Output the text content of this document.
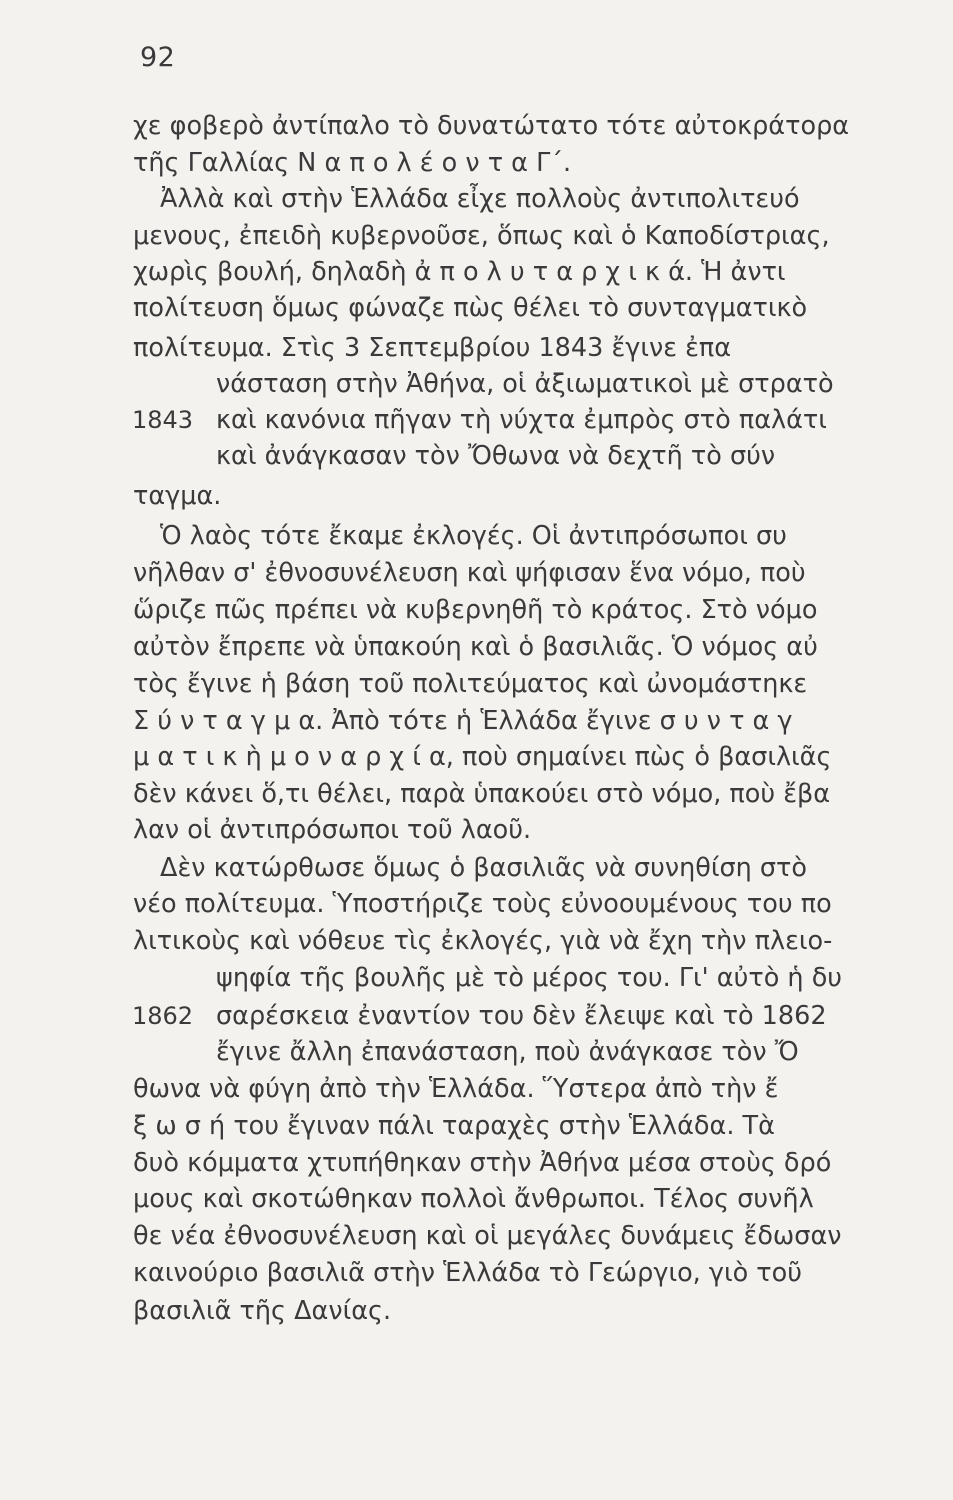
92
1843
1862
χε φοβερὸ ἀντίπαλο τὸ δυνατώτατο τότε αὐτοκράτορα
τῆς Γαλλίας Ν α π ο λ έ ο ν τ α Γ΄.
Ἀλλὰ καὶ στὴν Ἑλλάδα εἶχε πολλοὺς ἀντιπολιτευό
μενους, ἐπειδὴ κυβερνοῦσε, ὅπως καὶ ὁ Καποδίστριας,
χωρὶς βουλή, δηλαδὴ ἀ π ο λ υ τ α ρ χ ι κ ά. Ἡ ἀντι
πολίτευση ὅμως φώναζε πὼς θέλει τὸ συνταγματικὸ
πολίτευμα. Στὶς 3 Σεπτεμβρίου 1843 ἔγινε ἐπα
νάσταση στὴν Ἀθήνα, οἱ ἀξιωματικοὶ μὲ στρατὸ
καὶ κανόνια πῆγαν τὴ νύχτα ἐμπρὸς στὸ παλάτι
καὶ ἀνάγκασαν τὸν Ὄθωνα νὰ δεχτῆ τὸ σύν
ταγμα.
Ὁ λαὸς τότε ἔκαμε ἐκλογές. Οἱ ἀντιπρόσωποι συ
νῆλθαν σ' ἐθνοσυνέλευση καὶ ψήφισαν ἕνα νόμο, ποὺ
ὥριζε πῶς πρέπει νὰ κυβερνηθῆ τὸ κράτος. Στὸ νόμο
αὐτὸν ἔπρεπε νὰ ὑπακούη καὶ ὁ βασιλιᾶς. Ὁ νόμος αὐ
τὸς ἔγινε ἡ βάση τοῦ πολιτεύματος καὶ ὠνομάστηκε
Σ ύ ν τ α γ μ α. Ἀπὸ τότε ἡ Ἑλλάδα ἔγινε σ υ ν τ α γ
μ α τ ι κ ὴ μ ο ν α ρ χ ί α, ποὺ σημαίνει πὼς ὁ βασιλιᾶς
δὲν κάνει ὅ,τι θέλει, παρὰ ὑπακούει στὸ νόμο, ποὺ ἔβα
λαν οἱ ἀντιπρόσωποι τοῦ λαοῦ.
Δὲν κατώρθωσε ὅμως ὁ βασιλιᾶς νὰ συνηθίση στὸ
νέο πολίτευμα. Ὑποστήριζε τοὺς εὐνοουμένους του πο
λιτικοὺς καὶ νόθευε τὶς ἐκλογές, γιὰ νὰ ἔχη τὴν πλειο-
ψηφία τῆς βουλῆς μὲ τὸ μέρος του. Γι' αὐτὸ ἡ δυ
σαρέσκεια ἐναντίον του δὲν ἔλειψε καὶ τὸ 1862
ἔγινε ἄλλη ἐπανάσταση, ποὺ ἀνάγκασε τὸν Ὄ
θωνα νὰ φύγη ἀπὸ τὴν Ἑλλάδα. Ὕστερα ἀπὸ τὴν ἔ
ξ ω σ ή του ἔγιναν πάλι ταραχὲς στὴν Ἑλλάδα. Τὰ
δυὸ κόμματα χτυπήθηκαν στὴν Ἀθήνα μέσα στοὺς δρό
μους καὶ σκοτώθηκαν πολλοὶ ἄνθρωποι. Τέλος συνῆλ
θε νέα ἐθνοσυνέλευση καὶ οἱ μεγάλες δυνάμεις ἔδωσαν
καινούριο βασιλιᾶ στὴν Ἑλλάδα τὸ Γεώργιο, γιὸ τοῦ
βασιλιᾶ τῆς Δανίας.
